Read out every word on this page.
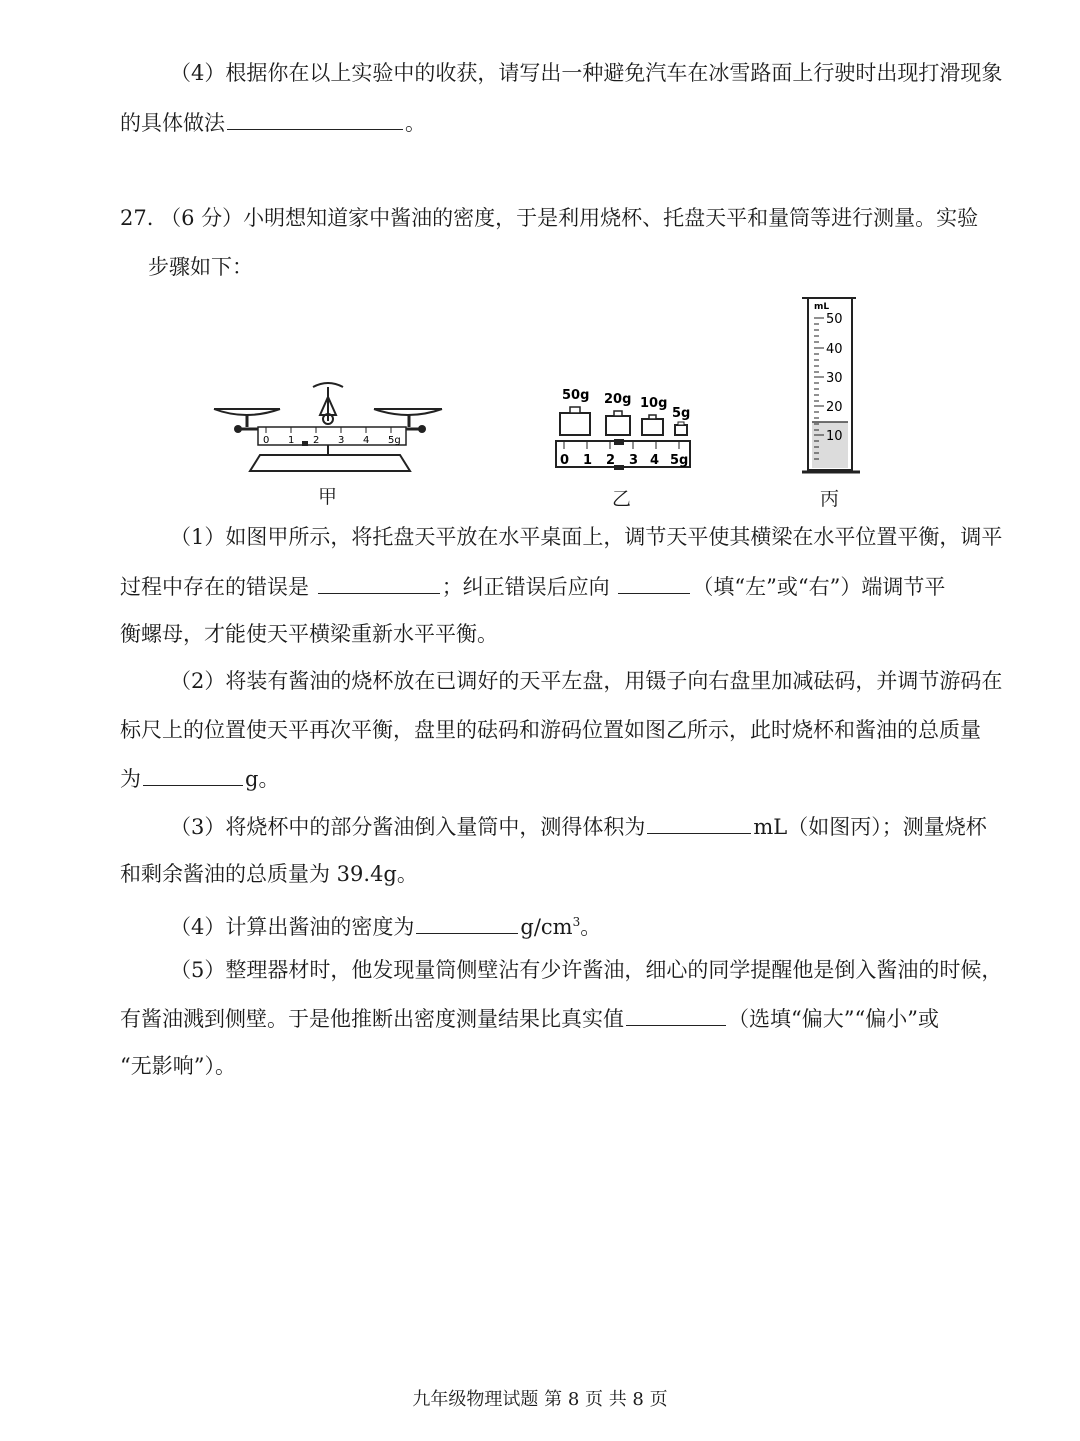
（4）根据你在以上实验中的收获，请写出一种避免汽车在冰雪路面上行驶时出现打滑现象
的具体做法	。
27. （6 分）小明想知道家中酱油的密度，于是利用烧杯、托盘天平和量筒等进行测量。实验
步骤如下：
0 1 2 3 4 5g
甲
50g 20g 10g
5g
0 1 2 3 4 5g
乙
mL
50
40
30
20
10
丙
（1）如图甲所示，将托盘天平放在水平桌面上，调节天平使其横梁在水平位置平衡，调平
过程中存在的错误是	；纠正错误后应向	（填“左”或“右”）端调节平
衡螺母，才能使天平横梁重新水平平衡。
（2）将装有酱油的烧杯放在已调好的天平左盘，用镊子向右盘里加减砝码，并调节游码在
标尺上的位置使天平再次平衡，盘里的砝码和游码位置如图乙所示，此时烧杯和酱油的总质量
为	g。
（3）将烧杯中的部分酱油倒入量筒中，测得体积为	mL（如图丙）；测量烧杯
和剩余酱油的总质量为 39.4g。
（4）计算出酱油的密度为	$g/cm^3$。
（5）整理器材时，他发现量筒侧壁沾有少许酱油，细心的同学提醒他是倒入酱油的时候，
有酱油溅到侧壁。于是他推断出密度测量结果比真实值	（选填“偏大”“偏小”或
“无影响”）。
九年级物理试题 第 8 页 共 8 页
